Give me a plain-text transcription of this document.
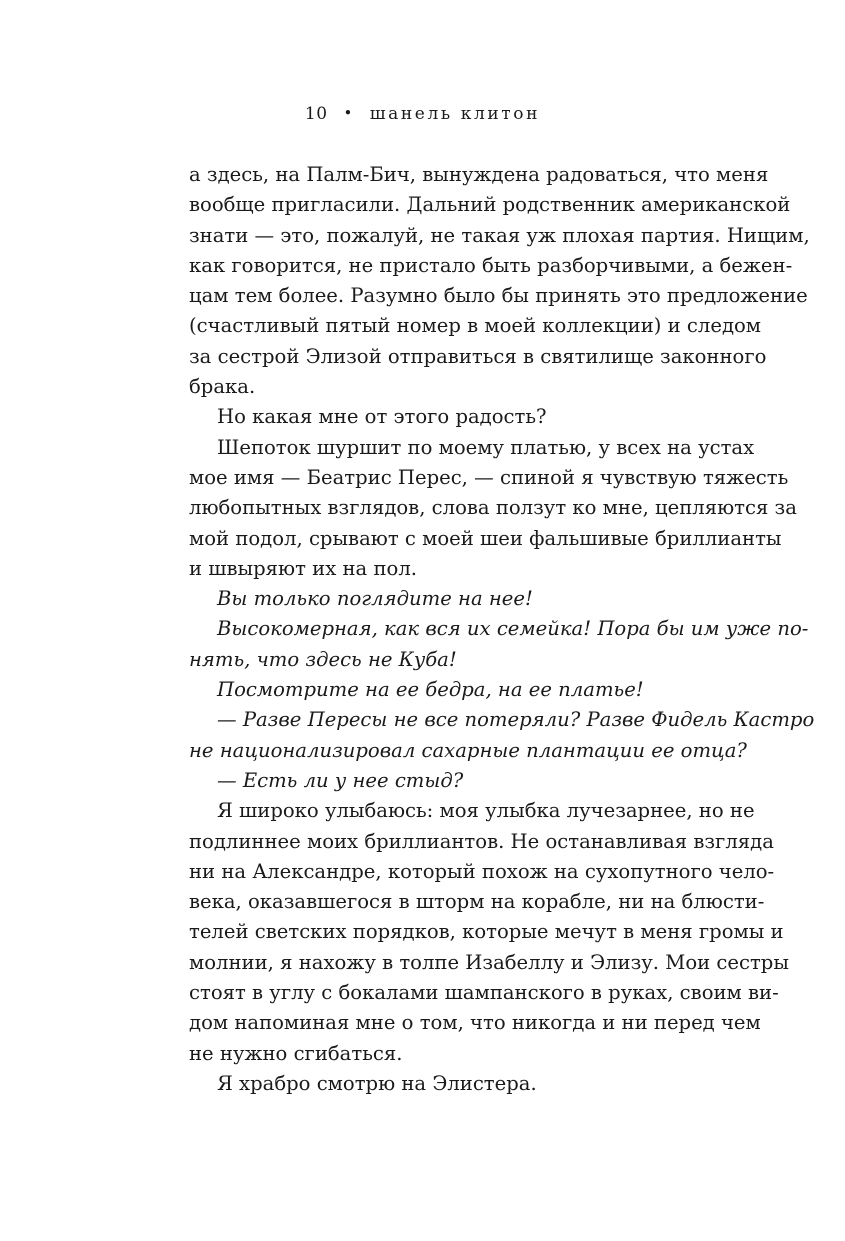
10 • шанель клитон
а здесь, на Палм-Бич, вынуждена радоваться, что меня
вообще пригласили. Дальний родственник американской
знати — это, пожалуй, не такая уж плохая партия. Нищим,
как говорится, не пристало быть разборчивыми, а бежен-
цам тем более. Разумно было бы принять это предложение
(счастливый пятый номер в моей коллекции) и следом
за сестрой Элизой отправиться в святилище законного
брака.
Но какая мне от этого радость?
Шепоток шуршит по моему платью, у всех на устах
мое имя — Беатрис Перес, — спиной я чувствую тяжесть
любопытных взглядов, слова ползут ко мне, цепляются за
мой подол, срывают с моей шеи фальшивые бриллианты
и швыряют их на пол.
Вы только поглядите на нее!
Высокомерная, как вся их семейка! Пора бы им уже по-
нять, что здесь не Куба!
Посмотрите на ее бедра, на ее платье!
— Разве Пересы не все потеряли? Разве Фидель Кастро
не национализировал сахарные плантации ее отца?
— Есть ли у нее стыд?
Я широко улыбаюсь: моя улыбка лучезарнее, но не
подлиннее моих бриллиантов. Не останавливая взгляда
ни на Александре, который похож на сухопутного чело-
века, оказавшегося в шторм на корабле, ни на блюсти-
телей светских порядков, которые мечут в меня громы и
молнии, я нахожу в толпе Изабеллу и Элизу. Мои сестры
стоят в углу с бокалами шампанского в руках, своим ви-
дом напоминая мне о том, что никогда и ни перед чем
не нужно сгибаться.
Я храбро смотрю на Элистера.
